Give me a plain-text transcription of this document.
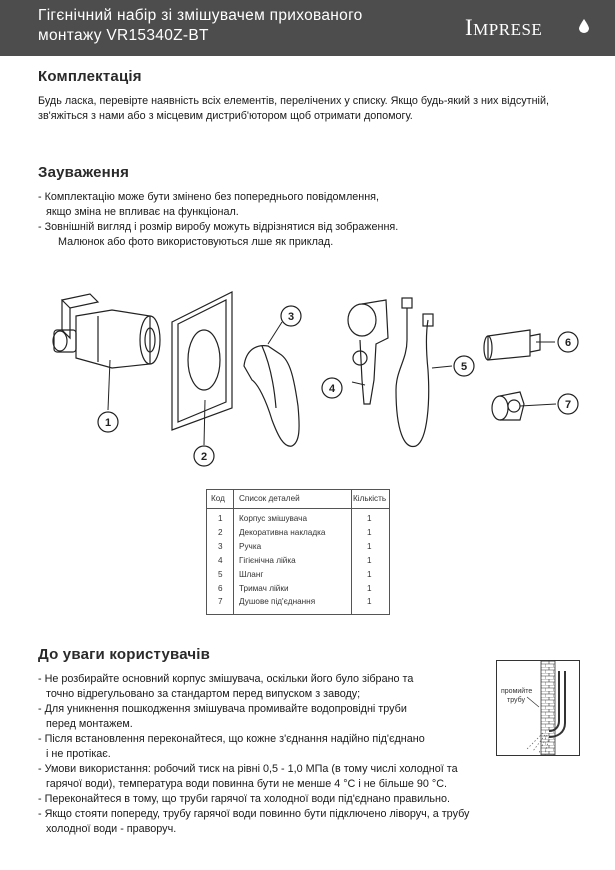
Гігєнічний набір зі змішувачем прихованого
монтажу VR15340Z-BT	IMPRESE
Комплектація
Будь ласка, перевірте наявність всіх елементів, перелічених у списку. Якщо будь-який з них відсутній, зв'яжіться з нами або з місцевим дистриб'ютором щоб отримати допомогу.
Зауваження
- Комплектацію може бути змінено без попереднього повідомлення,
якщо зміна не впливає на функціонал.
- Зовнішній вигляд і розмір виробу можуть відрізнятися від зображення.
Малюнок або фото використовуються лше як приклад.
1
2
3
4
5
6
7
Код Список деталей	Кількість
1 Корпус змішувача	1
2 Декоративна накладка	1
3 Ручка	1
4 Гігієнічна лійка	1
5 Шланг	1
6 Тримач лійки	1
7 Душове під'єднання	1
До уваги користувачів
- Не розбирайте основний корпус змішувача, оскільки його було зібрано та
точно відрегульовано за стандартом перед випуском з заводу;
- Для уникнення пошкодження змішувача промивайте водопровідні труби
перед монтажем.
- Після встановлення переконайтеся, що кожне з'єднання надійно під'єднано
і не протікає.
- Умови використання: робочий тиск на рівні 0,5 - 1,0 МПа (в тому числі холодної та
гарячої води), температура води повинна бути не менше 4 °С і не більше 90 °С.
- Переконайтеся в тому, що труби гарячої та холодної води під'єднано правильно.
- Якщо стояти попереду, трубу гарячої води повинно бути підключено ліворуч, а трубу
холодної води - праворуч.
промийте
трубу
